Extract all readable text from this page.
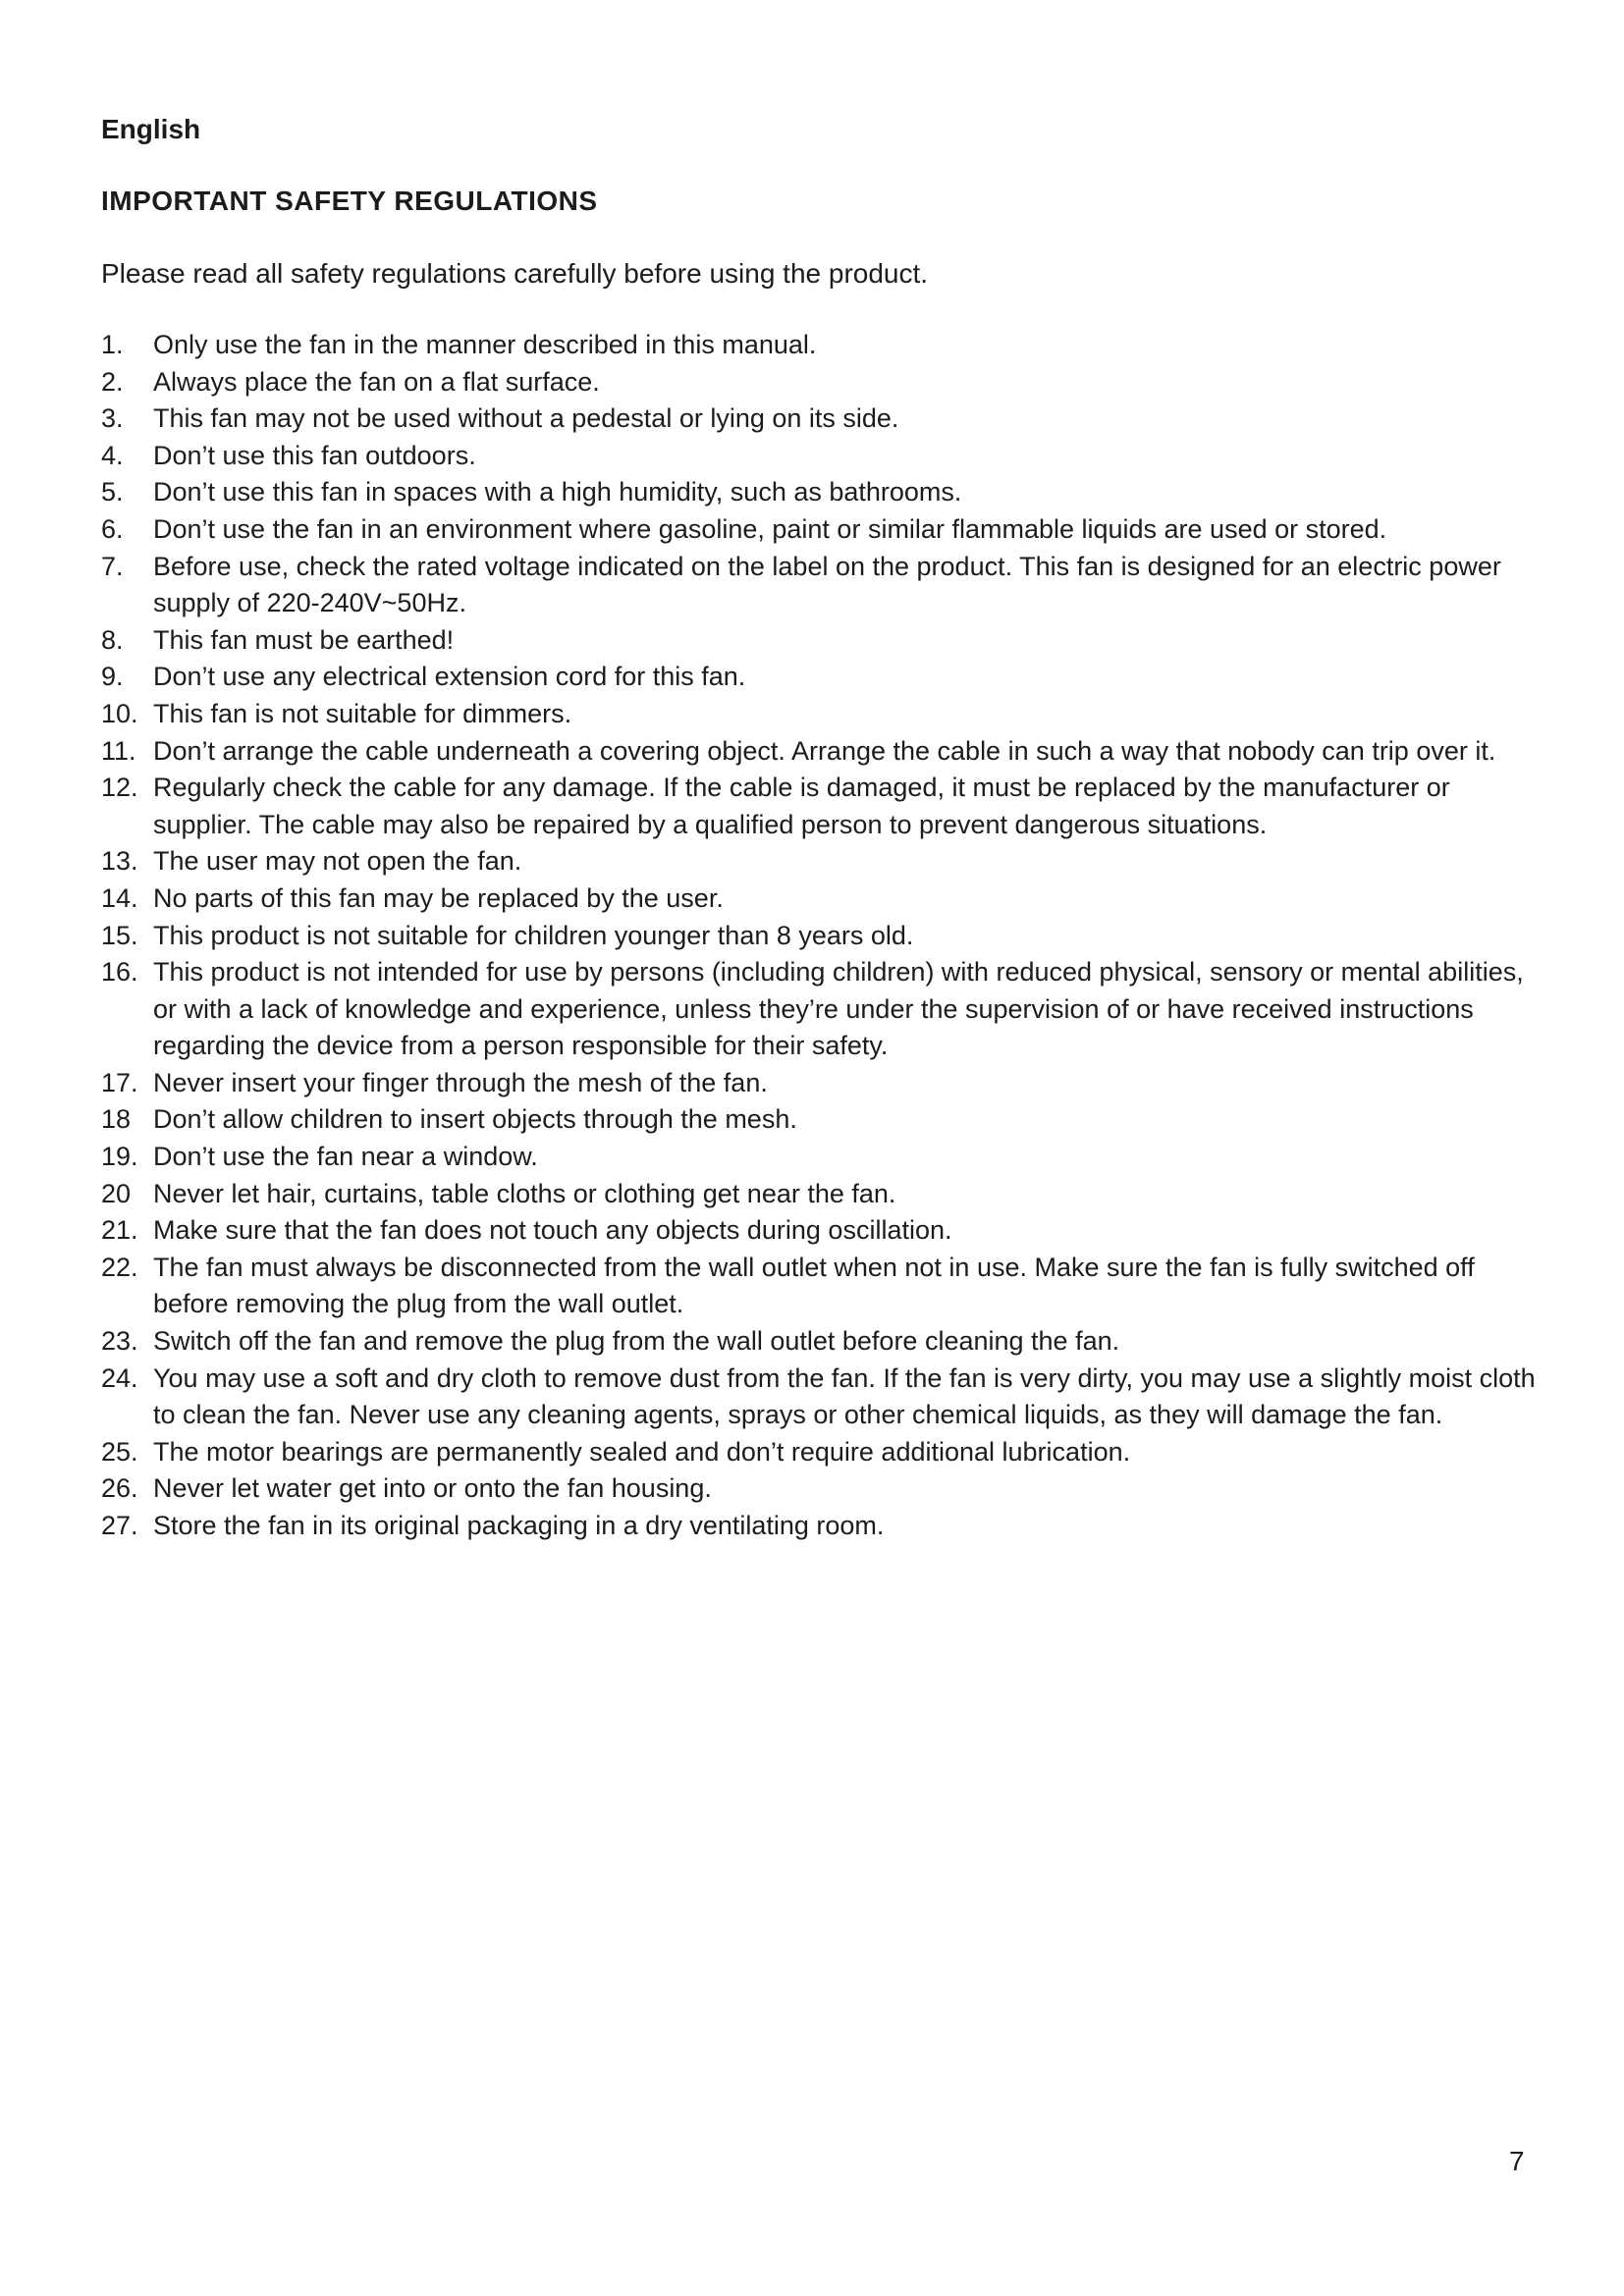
English

IMPORTANT SAFETY REGULATIONS

Please read all safety regulations carefully before using the product.

1.	Only use the fan in the manner described in this manual.
2.	Always place the fan on a flat surface.
3.	This fan may not be used without a pedestal or lying on its side.
4.	Don’t use this fan outdoors.
5.	Don’t use this fan in spaces with a high humidity, such as bathrooms.
6.	Don’t use the fan in an environment where gasoline, paint or similar flammable liquids are used or stored.
7.	Before use, check the rated voltage indicated on the label on the product. This fan is designed for an electric power supply of 220-240V~50Hz.
8.	This fan must be earthed!
9.	Don’t use any electrical extension cord for this fan.
10. This fan is not suitable for dimmers.
11. Don’t arrange the cable underneath a covering object. Arrange the cable in such a way that nobody can trip over it.
12. Regularly check the cable for any damage. If the cable is damaged, it must be replaced by the manufacturer or supplier. The cable may also be repaired by a qualified person to prevent dangerous situations.
13. The user may not open the fan.
14. No parts of this fan may be replaced by the user.
15. This product is not suitable for children younger than 8 years old.
16. This product is not intended for use by persons (including children) with reduced physical, sensory or mental abilities, or with a lack of knowledge and experience, unless they’re under the supervision of or have received instructions regarding the device from a person responsible for their safety.
17. Never insert your finger through the mesh of the fan.
18 Don’t allow children to insert objects through the mesh.
19. Don’t use the fan near a window.
20 Never let hair, curtains, table cloths or clothing get near the fan.
21. Make sure that the fan does not touch any objects during oscillation.
22. The fan must always be disconnected from the wall outlet when not in use. Make sure the fan is fully switched off before removing the plug from the wall outlet.
23. Switch off the fan and remove the plug from the wall outlet before cleaning the fan.
24. You may use a soft and dry cloth to remove dust from the fan. If the fan is very dirty, you may use a slightly moist cloth to clean the fan. Never use any cleaning agents, sprays or other chemical liquids, as they will damage the fan.
25. The motor bearings are permanently sealed and don’t require additional lubrication.
26. Never let water get into or onto the fan housing.
27. Store the fan in its original packaging in a dry ventilating room.

7
